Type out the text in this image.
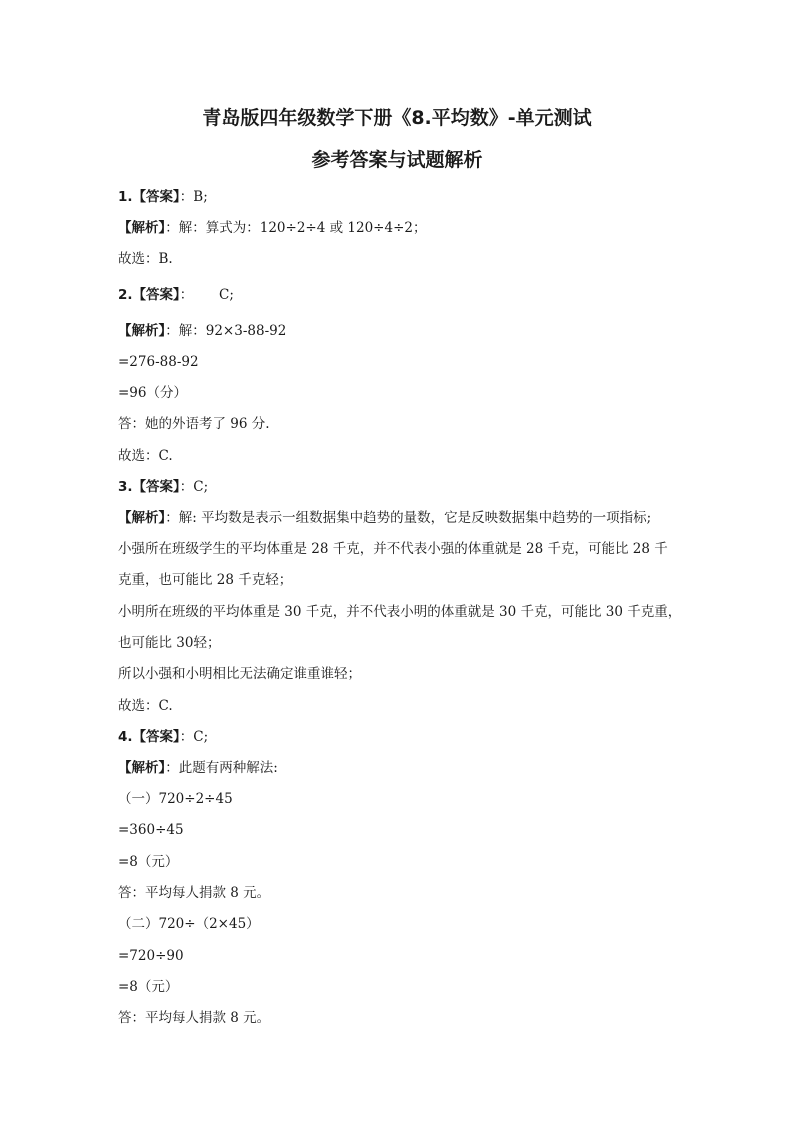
青岛版四年级数学下册《8.平均数》-单元测试
参考答案与试题解析
1.【答案】：B;
【解析】：解：算式为：120÷2÷4 或 120÷4÷2；
故选：B.
2.【答案】：      C;
【解析】：解：92×3-88-92
=276-88-92
=96（分）
答：她的外语考了 96 分.
故选：C.
3.【答案】：C;
【解析】：解: 平均数是表示一组数据集中趋势的量数，它是反映数据集中趋势的一项指标;
小强所在班级学生的平均体重是 28 千克，并不代表小强的体重就是 28 千克，可能比 28 千
克重，也可能比 28 千克轻；
小明所在班级的平均体重是 30 千克，并不代表小明的体重就是 30 千克，可能比 30 千克重，
也可能比 30轻；
所以小强和小明相比无法确定谁重谁轻；
故选：C.
4.【答案】：C;
【解析】：此题有两种解法:
（一）720÷2÷45
=360÷45
=8（元）
答：平均每人捐款 8 元。
（二）720÷（2×45）
=720÷90
=8（元）
答：平均每人捐款 8 元。
